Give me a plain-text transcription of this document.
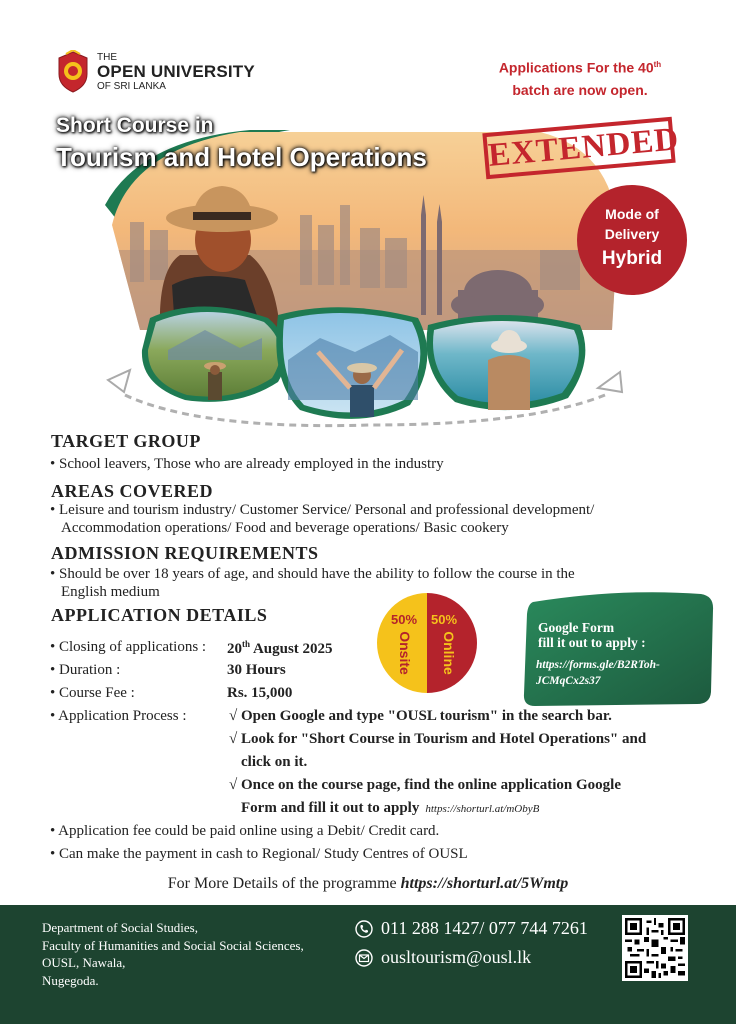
THE
OPEN UNIVERSITY
OF SRI LANKA
Applications For the 40th
batch are now open.
Short Course in
Tourism and Hotel Operations EXTENDED
Mode of
Delivery
Hybrid
TARGET GROUP
• School leavers, Those who are already employed in the industry
AREAS COVERED
• Leisure and tourism industry/ Customer Service/ Personal and professional development/
Accommodation operations/ Food and beverage operations/ Basic cookery
ADMISSION REQUIREMENTS
• Should be over 18 years of age, and should have the ability to follow the course in the
English medium
APPLICATION DETAILS
• Closing of applications : 20th August 2025
• Duration :	30 Hours
• Course Fee :	Rs. 15,000
• Application Process :	√ Open Google and type "OUSL tourism" in the search bar.
√ Look for "Short Course in Tourism and Hotel Operations" and
click on it.
√ Once on the course page, find the online application Google
Form and fill it out to apply https://shorturl.at/mObyB
• Application fee could be paid online using a Debit/ Credit card.
• Can make the payment in cash to Regional/ Study Centres of OUSL
50% 50%
Onsite Online
Google Form
fill it out to apply :
https://forms.gle/B2RToh-
JCMqCx2s37
For More Details of the programme https://shorturl.at/5Wmtp
Department of Social Studies,
Faculty of Humanities and Social Social Sciences,
OUSL, Nawala,
Nugegoda.
011 288 1427/ 077 744 7261
ousltourism@ousl.lk
